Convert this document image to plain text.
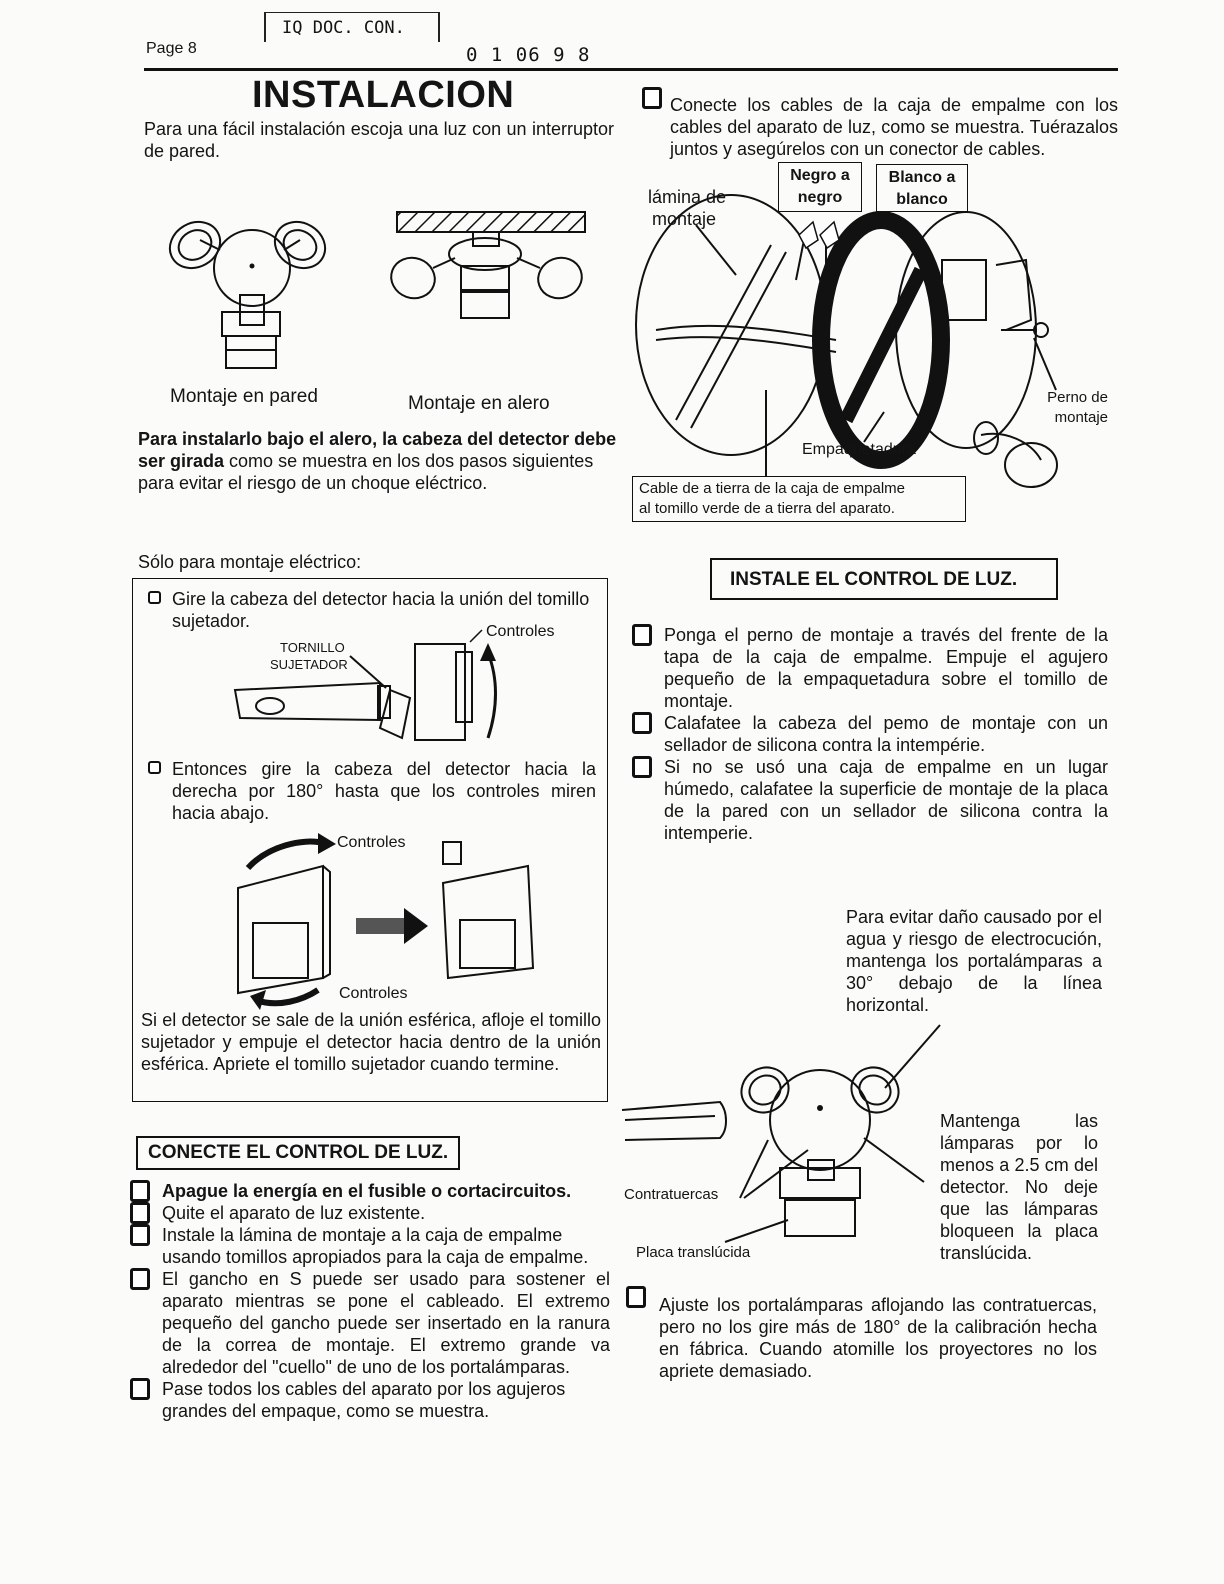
Page 8
IQ DOC. CON.
0 1 06 9 8
INSTALACION
Para una fácil instalación escoja una luz con un interruptor de pared.
Montaje en pared	Montaje en alero
Para instalarlo bajo el alero, la cabeza del detector debe ser girada como se muestra en los dos pasos siguientes para evitar el riesgo de un choque eléctrico.
Sólo para montaje eléctrico:
Gire la cabeza del detector hacia la unión del tomillo sujetador.
Controles
TORNILLO
SUJETADOR
Entonces gire la cabeza del detector hacia la derecha por 180° hasta que los controles miren hacia abajo.
Controles
Controles
Si el detector se sale de la unión esférica, afloje el tomillo sujetador y empuje el detector hacia dentro de la unión esférica. Apriete el tomillo sujetador cuando termine.
CONECTE EL CONTROL DE LUZ.
Apague la energía en el fusible o cortacircuitos.
Quite el aparato de luz existente.
Instale la lámina de montaje a la caja de empalme usando tomillos apropiados para la caja de empalme.
El gancho en S puede ser usado para sostener el aparato mientras se pone el cableado. El extremo pequeño del gancho puede ser insertado en la ranura de la correa de montaje. El extremo grande va alrededor del "cuello" de uno de los portalámparas.
Pase todos los cables del aparato por los agujeros grandes del empaque, como se muestra.
Conecte los cables de la caja de empalme con los cables del aparato de luz, como se muestra. Tuérazalos juntos y asegúrelos con un conector de cables.
Negro a
negro
Blanco a
blanco
lámina de
montaje
Perno de
montaje
Empaquetadura
Cable de a tierra de la caja de empalme
al tomillo verde de a tierra del aparato.
INSTALE EL CONTROL DE LUZ.
Ponga el perno de montaje a través del frente de la tapa de la caja de empalme. Empuje el agujero pequeño de la empaquetadura sobre el tomillo de montaje.
Calafatee la cabeza del pemo de montaje con un sellador de silicona contra la intempérie.
Si no se usó una caja de empalme en un lugar húmedo, calafatee la superficie de montaje de la placa de la pared con un sellador de silicona contra la intemperie.
Para evitar daño causado por el agua y riesgo de electrocución, mantenga los portalámparas a 30° debajo de la línea horizontal.
Contratuercas
Placa translúcida
Mantenga las lámparas por lo menos a 2.5 cm del detector. No deje que las lámparas bloqueen la placa translúcida.
Ajuste los portalámparas aflojando las contratuercas, pero no los gire más de 180° de la calibración hecha en fábrica. Cuando atomille los proyectores no los apriete demasiado.
